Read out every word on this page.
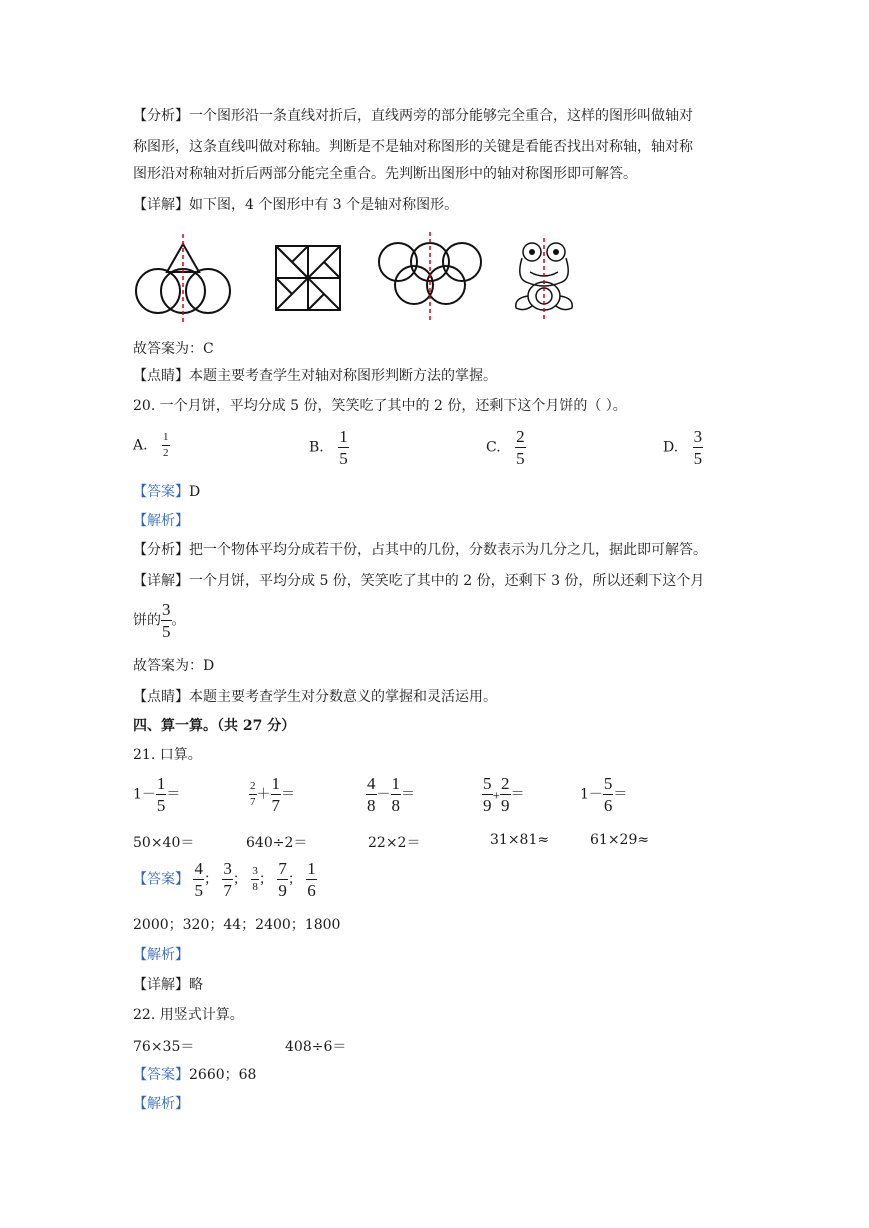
【分析】一个图形沿一条直线对折后，直线两旁的部分能够完全重合，这样的图形叫做轴对
称图形，这条直线叫做对称轴。判断是不是轴对称图形的关键是看能否找出对称轴，轴对称
图形沿对称轴对折后两部分能完全重合。先判断出图形中的轴对称图形即可解答。
【详解】如下图，4 个图形中有 3 个是轴对称图形。
故答案为：C
【点睛】本题主要考查学生对轴对称图形判断方法的掌握。
20. 一个月饼，平均分成 5 份，笑笑吃了其中的 2 份，还剩下这个月饼的（ ）。
A. $\frac{1}{2}$	B. $\frac{1}{5}$	C. $\frac{2}{5}$	D. $\frac{3}{5}$
【答案】D
【解析】
【分析】把一个物体平均分成若干份，占其中的几份，分数表示为几分之几，据此即可解答。
【详解】一个月饼，平均分成 5 份，笑笑吃了其中的 2 份，还剩下 3 份，所以还剩下这个月
饼的 $\frac{3}{5}$ 。
故答案为：D
【点睛】本题主要考查学生对分数意义的掌握和灵活运用。
四、算一算。（共 27 分）
21. 口算。
$1- \frac{1}{5}$ ＝	$\frac{2}{7} + \frac{1}{7}$ ＝	$\frac{4}{8} - \frac{1}{8}$ ＝	$\frac{5}{9} + \frac{2}{9}$ ＝	$1- \frac{5}{6}$ ＝
50×40＝	640÷2＝	22×2＝	31×81≈	61×29≈
【答案】 $\frac{4}{5}$ ； $\frac{3}{7}$ ； $\frac{3}{8}$ ； $\frac{7}{9}$ ； $\frac{1}{6}$
2000；320；44；2400；1800
【解析】
【详解】略
22. 用竖式计算。
76×35＝	408÷6＝
【答案】2660；68
【解析】
